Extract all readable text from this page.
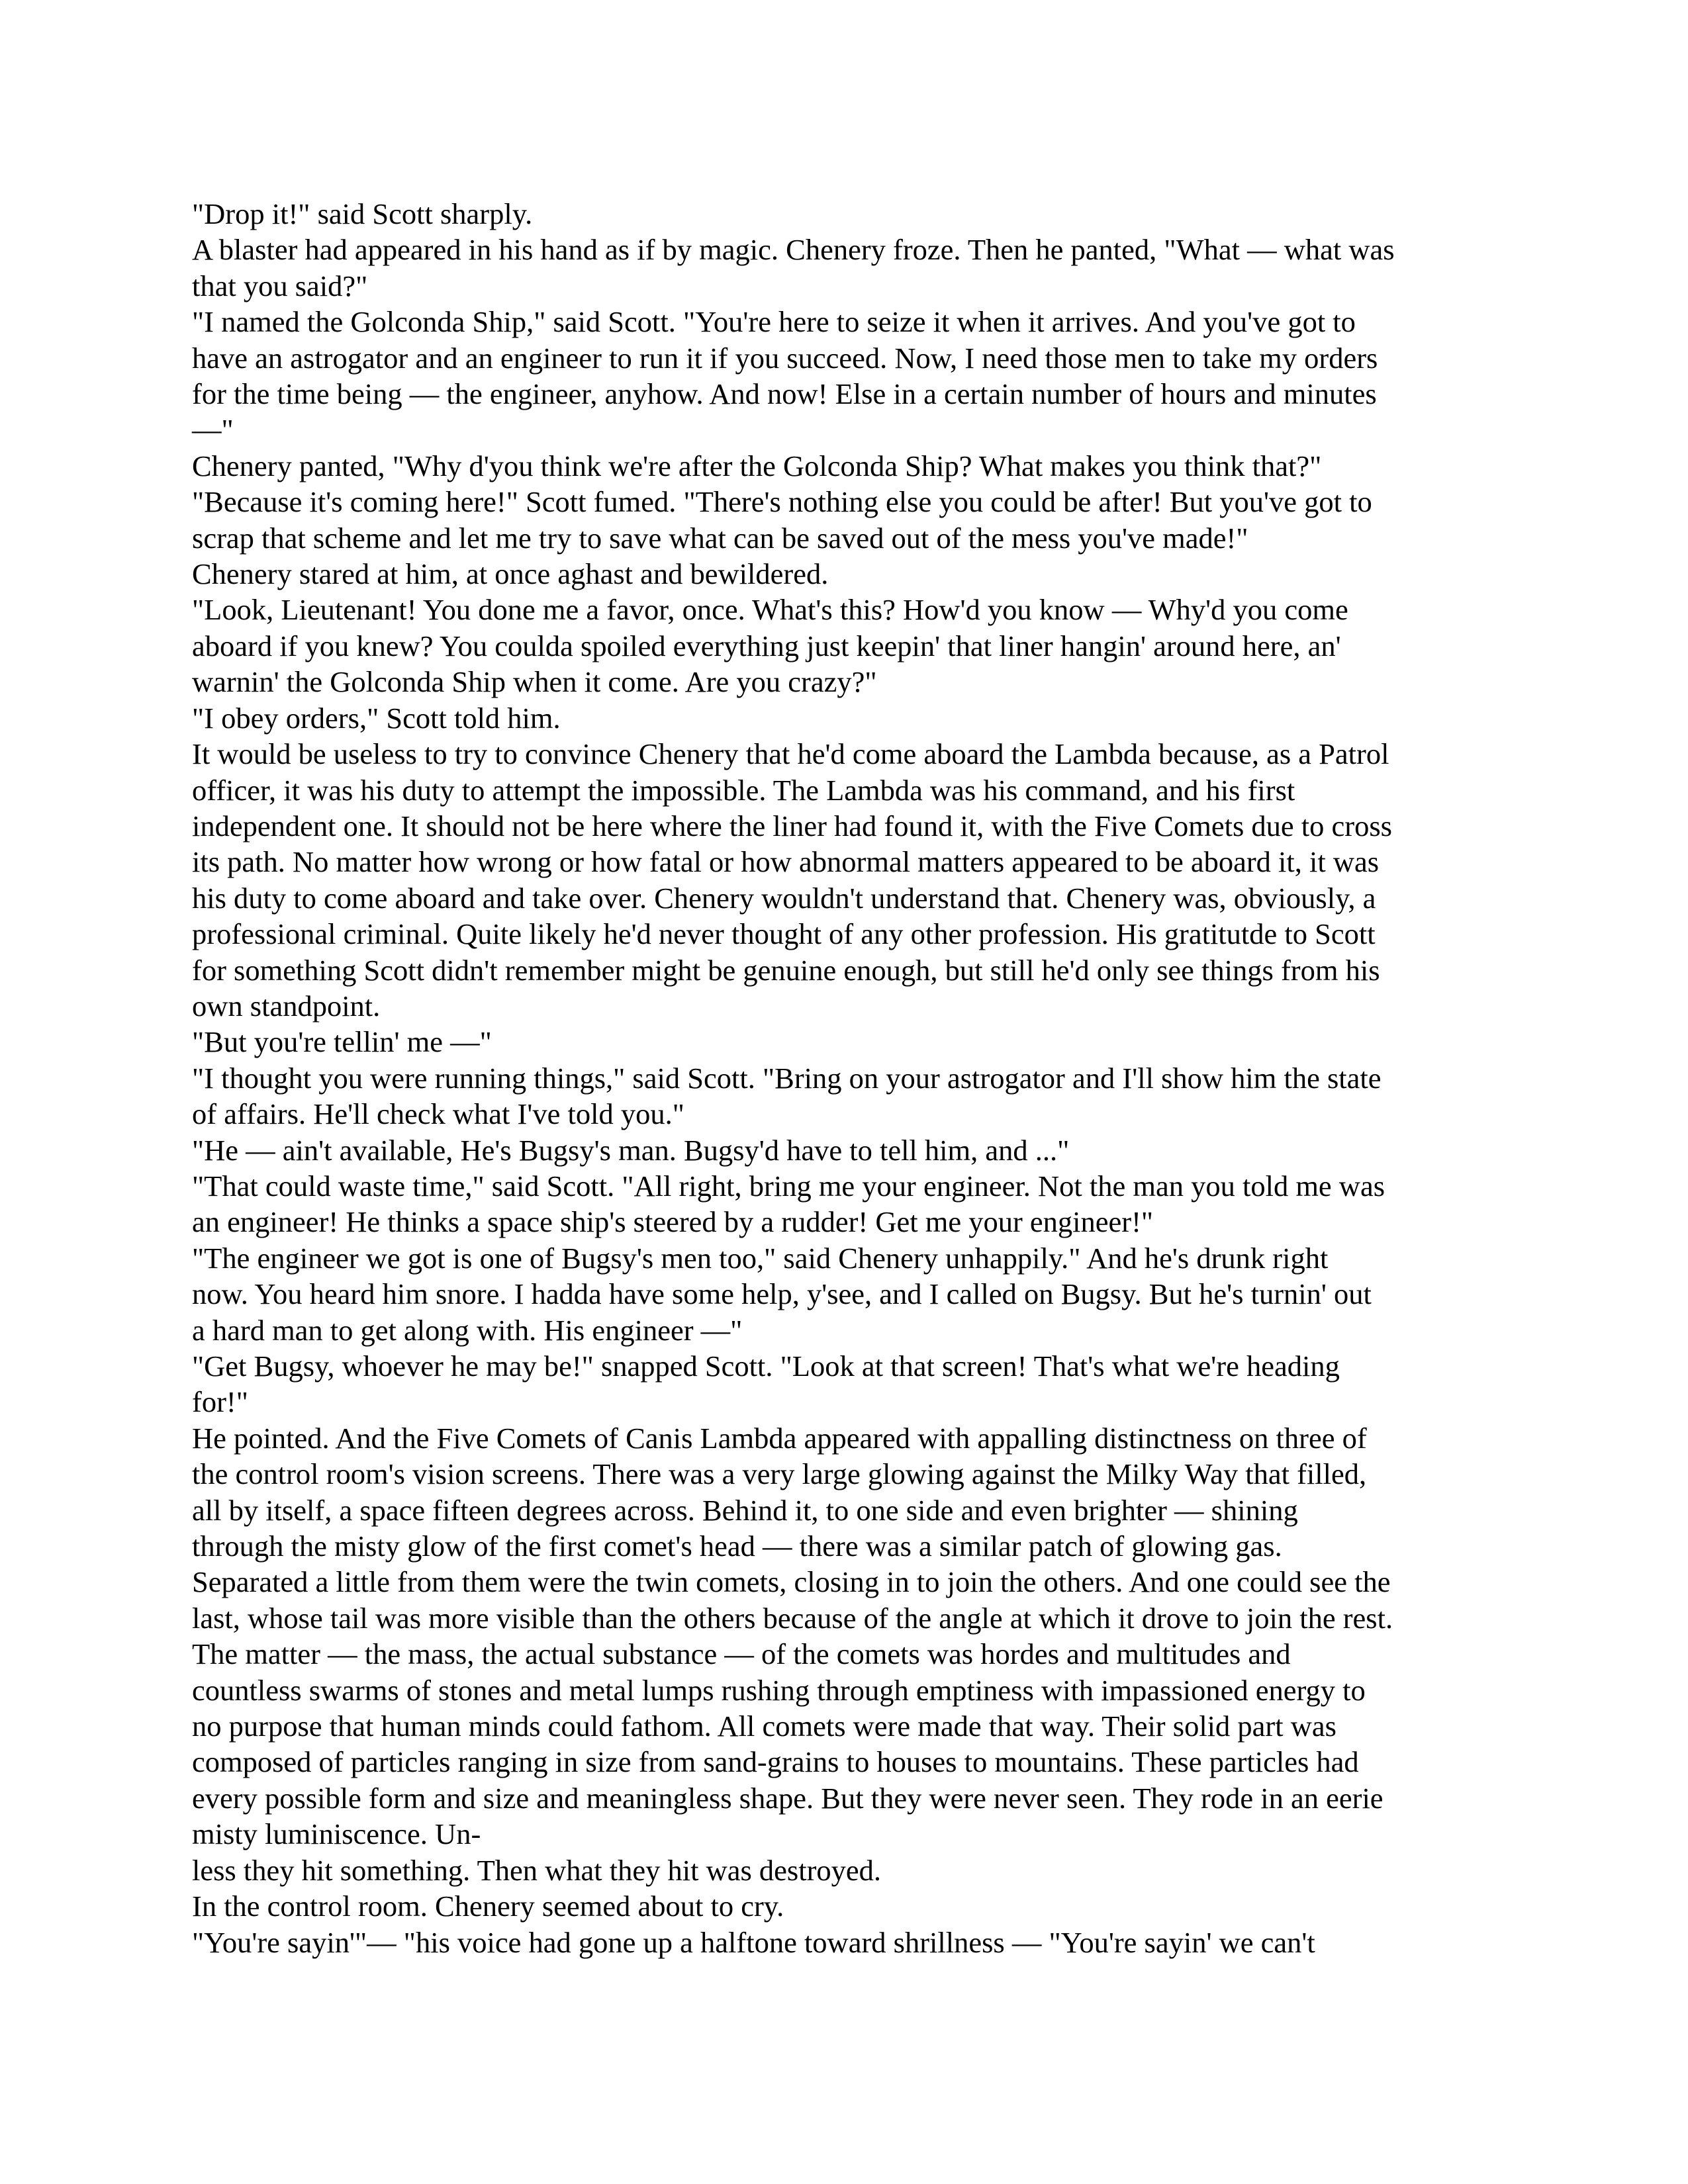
"Drop it!" said Scott sharply.
A blaster had appeared in his hand as if by magic. Chenery froze. Then he panted, "What — what was
that you said?"
"I named the Golconda Ship," said Scott. "You're here to seize it when it arrives. And you've got to
have an astrogator and an engineer to run it if you succeed. Now, I need those men to take my orders
for the time being — the engineer, anyhow. And now! Else in a certain number of hours and minutes
—"
Chenery panted, "Why d'you think we're after the Golconda Ship? What makes you think that?"
"Because it's coming here!" Scott fumed. "There's nothing else you could be after! But you've got to
scrap that scheme and let me try to save what can be saved out of the mess you've made!"
Chenery stared at him, at once aghast and bewildered.
"Look, Lieutenant! You done me a favor, once. What's this? How'd you know — Why'd you come
aboard if you knew? You coulda spoiled everything just keepin' that liner hangin' around here, an'
warnin' the Golconda Ship when it come. Are you crazy?"
"I obey orders," Scott told him.
It would be useless to try to convince Chenery that he'd come aboard the Lambda because, as a Patrol
officer, it was his duty to attempt the impossible. The Lambda was his command, and his first
independent one. It should not be here where the liner had found it, with the Five Comets due to cross
its path. No matter how wrong or how fatal or how abnormal matters appeared to be aboard it, it was
his duty to come aboard and take over. Chenery wouldn't understand that. Chenery was, obviously, a
professional criminal. Quite likely he'd never thought of any other profession. His gratitutde to Scott
for something Scott didn't remember might be genuine enough, but still he'd only see things from his
own standpoint.
"But you're tellin' me —"
"I thought you were running things," said Scott. "Bring on your astrogator and I'll show him the state
of affairs. He'll check what I've told you."
"He — ain't available, He's Bugsy's man. Bugsy'd have to tell him, and ..."
"That could waste time," said Scott. "All right, bring me your engineer. Not the man you told me was
an engineer! He thinks a space ship's steered by a rudder! Get me your engineer!"
"The engineer we got is one of Bugsy's men too," said Chenery unhappily." And he's drunk right
now. You heard him snore. I hadda have some help, y'see, and I called on Bugsy. But he's turnin' out
a hard man to get along with. His engineer —"
"Get Bugsy, whoever he may be!" snapped Scott. "Look at that screen! That's what we're heading
for!"
He pointed. And the Five Comets of Canis Lambda appeared with appalling distinctness on three of
the control room's vision screens. There was a very large glowing against the Milky Way that filled,
all by itself, a space fifteen degrees across. Behind it, to one side and even brighter — shining
through the misty glow of the first comet's head — there was a similar patch of glowing gas.
Separated a little from them were the twin comets, closing in to join the others. And one could see the
last, whose tail was more visible than the others because of the angle at which it drove to join the rest.
The matter — the mass, the actual substance — of the comets was hordes and multitudes and
countless swarms of stones and metal lumps rushing through emptiness with impassioned energy to
no purpose that human minds could fathom. All comets were made that way. Their solid part was
composed of particles ranging in size from sand-grains to houses to mountains. These particles had
every possible form and size and meaningless shape. But they were never seen. They rode in an eerie
misty luminiscence. Un-
less they hit something. Then what they hit was destroyed.
In the control room. Chenery seemed about to cry.
"You're sayin'"— "his voice had gone up a halftone toward shrillness — "You're sayin' we can't
